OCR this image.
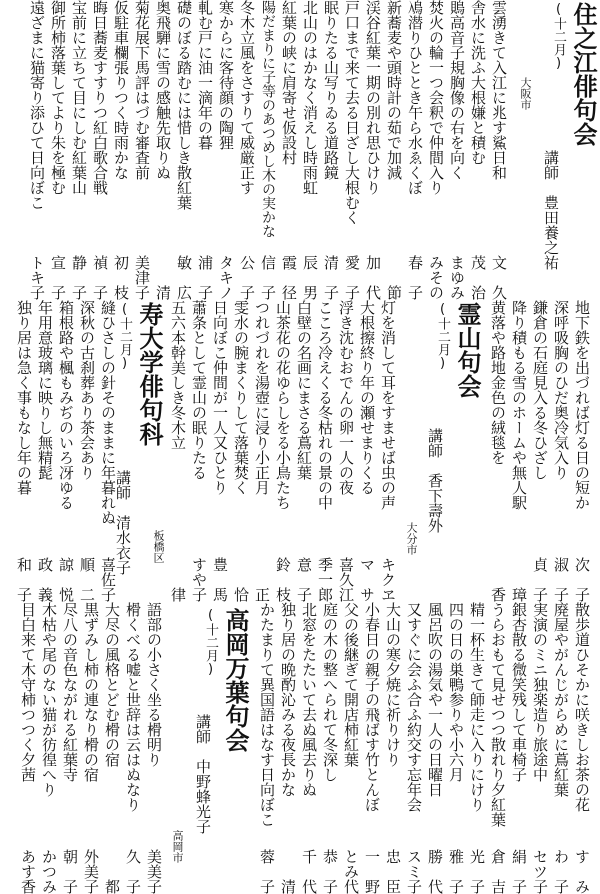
住之江俳句会
(十二月)
講師　豊田養之祐
大阪市
雲湧きて入江に兆す鯊日和
文　久
舎水に洗ふ大根嫌と積む
茂　治
鵙高音子規胸像の右を向く
まゆみ
焚火の輪一つ会釈で仲間入り
みその
鳰潜りひととき午ら水ゑくぼ
春　子
新蕎麦や頭時計の茹で加減
節
渓谷紅葉一期の別れ思ひけり
加　代
戸口まで来て去る日ざし大根むく
愛　子
眠りたる山写りゐる道路鏡
清　子
北山のはかなく消えし時雨虹
辰　男
紅葉の峡に肩寄せ仮設村
霞　径
陽だまりに子等のあつめし木の実かな
信　子
冬木立風をさすりて威厳正す
公　子
寒からに客待顔の陶狸
タキノ
軋む戸に油一滴年の暮
浦　子
礎のぼる踏むには惜しき散紅葉
敏　広
奥飛騨に雪の感触先取りぬ
清
菊花展下馬評はづむ審査前
美津子
仮駐車欄張りつく時雨かな
初　枝
晦日蕎麦すすりつ紅白歌合戦
禎　子
宝前に立ちて目にしむ紅葉山
静　子
御所柿落葉してより朱を極む
宣　子
遠ざまに猫寄り添ひて日向ぼこ
トキ子
地下鉄を出づれば灯る日の短か
次　子
深呼吸胸のひだ奥冷気入り
淑　子
鎌倉の石庭見入る冬ひざし
貞　子
降り積もる雪のホームや無人駅
璋
黄落や路地金色の絨毯を
香
霊山句会
(十二月)
講師　香下壽外
大分市
灯を消して耳をすませば虫の声
キクヱ
大根擦終り年の瀬せまりくる
マ　サ
浮き沈むおでんの卵一人の夜
喜久江
こころ冷えくる冬枯れの景の中
季一郎
白壁の名画にまさる蔦紅葉
意　子
山茶花の花ゆらしをる小鳥たち
鈴　枝
つれづれを湯壺に浸り小正月
正
雯水の腕まくりして落葉焚く
恰
日向ぼこ仲間が一人又ひとり
豊　馬
蕭条として霊山の眠りたる
すや子
五六本幹美しき冬木立
律
寿大学俳句科
(十二月)
講師　清水衣子 板橋区
縫ひさしの針そのままに年暮れぬ
喜佐子
深秋の古刹葬あり茶会あり
順　二
箱根路や楓もみぢのいろ冴ゆる
諒　悦
年用意玻璃に映りし無精髭
政　義
独り居は急く事もなし年の暮
和　子
散歩道ひそかに咲きしお茶の花
す　み
廃屋やがんじがらめに蔦紅葉
わ　子
実演のミニ独楽造り旅途中
セツ子
銀杏散る微笑残して車椅子
絹　子
うらおもて見せつつ散れり夕紅葉
倉　吉
精一杯生きて師走に入りにけり
光　子
四の日の巣鴨参りや小六月
雅　子
風呂吹の湯気や一人の日曜日
勝　代
又すぐに会ふ合ふ約交す忘年会
スミ子
大山の寒夕焼に祈りけり
忠　臣
小春日の親子の飛ばす竹とんぼ
一　野
父の後継ぎて開店柿紅葉
とみ代
庭の木の整へられて冬深し
恭　子
北窓をたたいて去ぬ風去りぬ
千　代
独り居の晩酌沁みる夜長かな
清
かたまりて異国語はなす日向ぼこ
蓉　子
高岡万葉句会
(十二月)
講師　中野蜂光子
高岡市
語部の小さく坐る榾明り
美美子
榾くべる嘘と世辞は云はぬなり
久　子
大尽の風格とどむ榾の宿
都
黒ずみし柿の連なり榾の宿
外美子
尽八の音色ながれる紅葉寺
朝　子
木枯や尾のない猫が彷徨へり
かつみ
目白来て木守柿つつく夕茜
あす香
